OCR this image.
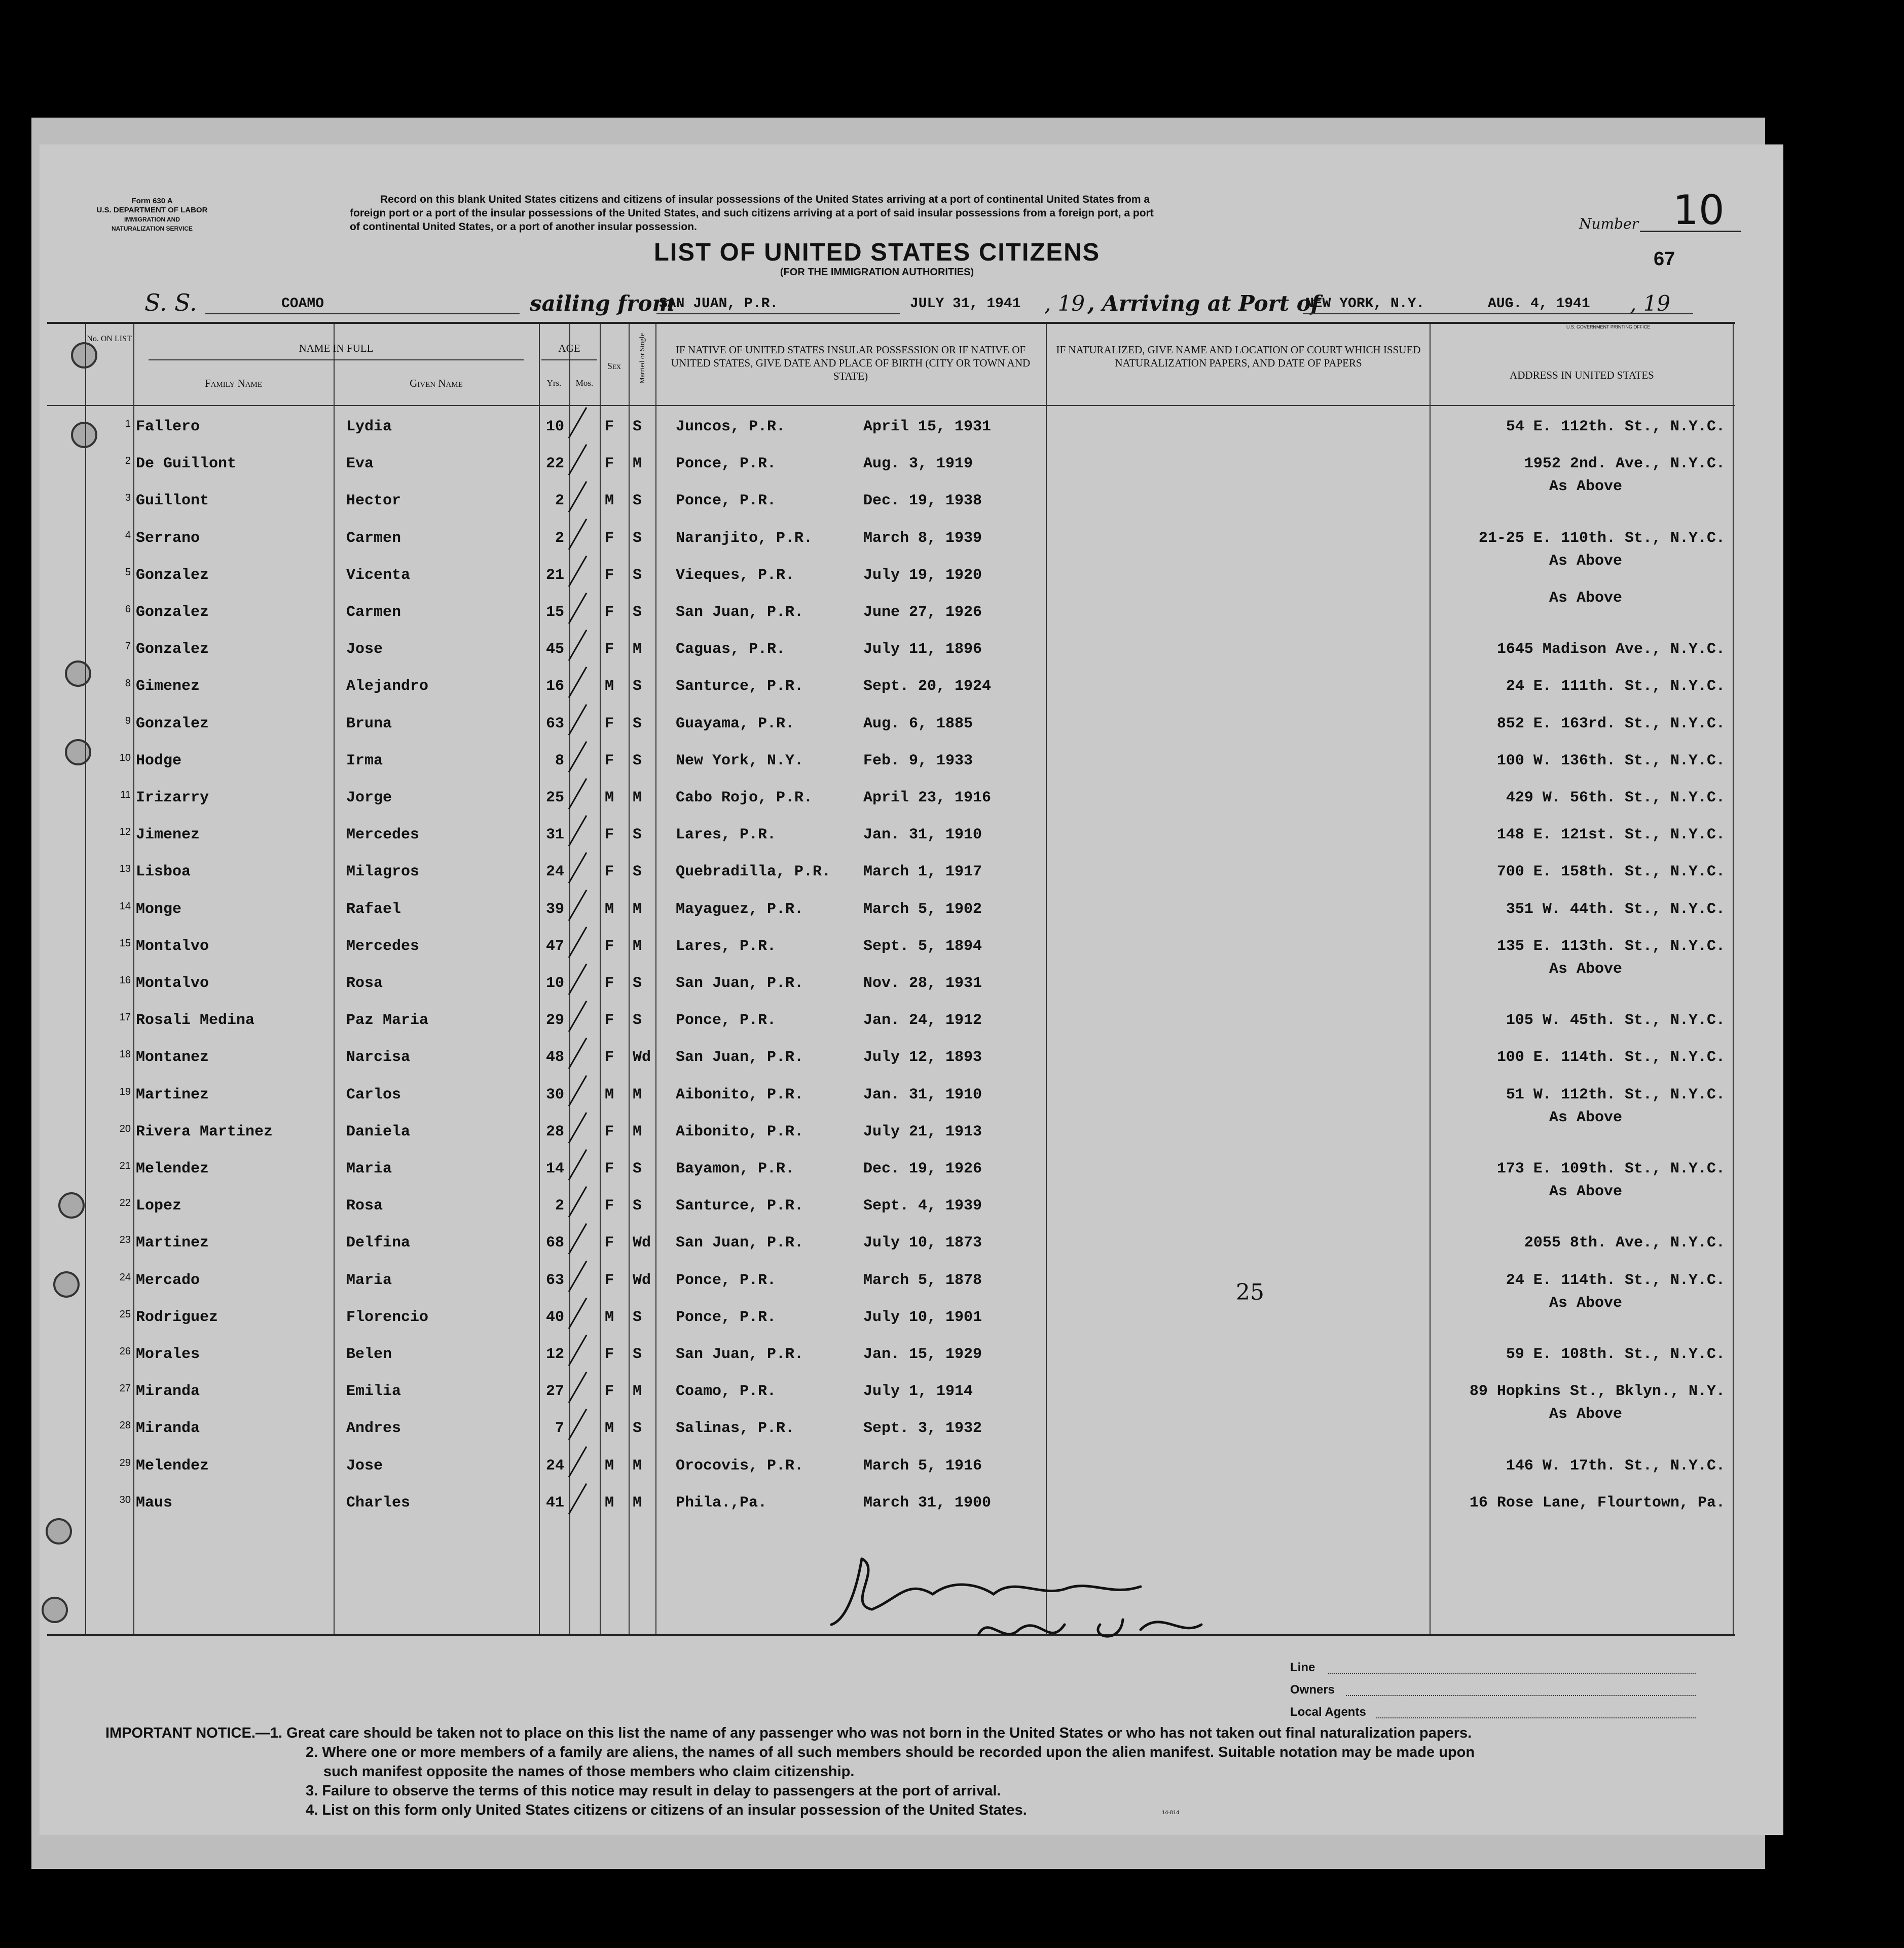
Form 630 A
U.S. DEPARTMENT OF LABOR
IMMIGRATION AND
NATURALIZATION SERVICE
Record on this blank United States citizens and citizens of insular possessions of the United States arriving at a port of continental United States from a
foreign port or a port of the insular possessions of the United States, and such citizens arriving at a port of said insular possessions from a foreign port, a port
of continental United States, or a port of another insular possession.
LIST OF UNITED STATES CITIZENS
(FOR THE IMMIGRATION AUTHORITIES)
Number 10
67
S. S.	COAMO	sailing from
SAN JUAN, P.R.	JULY 31, 1941 , 19 , Arriving at Port of
NEW YORK, N.Y.	AUG. 4, 1941 , 19
U.S. GOVERNMENT PRINTING OFFICE
No. ON LIST
NAME IN FULL
Family Name	Given Name
AGE
Yrs.	Mos.
Sex	Married or Single	IF NATIVE OF UNITED STATES INSULAR POSSESSION OR IF NATIVE OF UNITED STATES, GIVE DATE AND PLACE OF BIRTH (CITY OR TOWN AND STATE)
IF NATURALIZED, GIVE NAME AND LOCATION OF COURT WHICH ISSUED NATURALIZATION PAPERS, AND DATE OF PAPERS
ADDRESS IN UNITED STATES
1 Fallero	Lydia	10	F S Juncos, P.R.	April 15, 1931	54 E. 112th. St., N.Y.C.
2 De Guillont	Eva	22	F M Ponce, P.R.	Aug. 3, 1919	1952 2nd. Ave., N.Y.C.
3 Guillont	Hector	2	M S Ponce, P.R.	Dec. 19, 1938
As Above
4 Serrano	Carmen	2	F S Naranjito, P.R.	March 8, 1939	21-25 E. 110th. St., N.Y.C.
5 Gonzalez	Vicenta	21	F S Vieques, P.R.	July 19, 1920
As Above
6 Gonzalez	Carmen	15	F S San Juan, P.R.	June 27, 1926
As Above
7 Gonzalez	Jose	45	F M Caguas, P.R.	July 11, 1896	1645 Madison Ave., N.Y.C.
8 Gimenez	Alejandro	16	M S Santurce, P.R.	Sept. 20, 1924	24 E. 111th. St., N.Y.C.
9 Gonzalez	Bruna	63	F S Guayama, P.R.	Aug. 6, 1885	852 E. 163rd. St., N.Y.C.
10 Hodge	Irma	8	F S New York, N.Y.	Feb. 9, 1933	100 W. 136th. St., N.Y.C.
11 Irizarry	Jorge	25	M M Cabo Rojo, P.R.	April 23, 1916	429 W. 56th. St., N.Y.C.
12 Jimenez	Mercedes	31	F S Lares, P.R.	Jan. 31, 1910	148 E. 121st. St., N.Y.C.
13 Lisboa	Milagros	24	F S Quebradilla, P.R. March 1, 1917	700 E. 158th. St., N.Y.C.
14 Monge	Rafael	39	M M Mayaguez, P.R.	March 5, 1902	351 W. 44th. St., N.Y.C.
15 Montalvo	Mercedes	47	F M Lares, P.R.	Sept. 5, 1894	135 E. 113th. St., N.Y.C.
16 Montalvo	Rosa	10	F S San Juan, P.R.	Nov. 28, 1931
As Above
17 Rosali Medina	Paz Maria	29	F S Ponce, P.R.	Jan. 24, 1912	105 W. 45th. St., N.Y.C.
18 Montanez	Narcisa	48	F Wd San Juan, P.R.	July 12, 1893	100 E. 114th. St., N.Y.C.
19 Martinez	Carlos	30	M M Aibonito, P.R.	Jan. 31, 1910	51 W. 112th. St., N.Y.C.
20 Rivera Martinez	Daniela	28	F M Aibonito, P.R.	July 21, 1913
As Above
21 Melendez	Maria	14	F S Bayamon, P.R.	Dec. 19, 1926	173 E. 109th. St., N.Y.C.
22 Lopez	Rosa	2	F S Santurce, P.R.	Sept. 4, 1939
As Above
23 Martinez	Delfina	68	F Wd San Juan, P.R.	July 10, 1873	2055 8th. Ave., N.Y.C.
24 Mercado	Maria	63	F Wd Ponce, P.R.	March 5, 1878	24 E. 114th. St., N.Y.C.
25 Rodriguez	Florencio	40	M S Ponce, P.R.	July 10, 1901
As Above
26 Morales	Belen	12	F S San Juan, P.R.	Jan. 15, 1929	59 E. 108th. St., N.Y.C.
27 Miranda	Emilia	27	F M Coamo, P.R.	July 1, 1914	89 Hopkins St., Bklyn., N.Y.
28 Miranda	Andres	7	M S Salinas, P.R.	Sept. 3, 1932
As Above
29 Melendez	Jose	24	M M Orocovis, P.R.	March 5, 1916	146 W. 17th. St., N.Y.C.
30 Maus	Charles	41	M M Phila.,Pa.	March 31, 1900	16 Rose Lane, Flourtown, Pa.
25
Line
Owners
Local Agents
IMPORTANT NOTICE.—1. Great care should be taken not to place on this list the name of any passenger who was not born in the United States or who has not taken out final naturalization papers.
2. Where one or more members of a family are aliens, the names of all such members should be recorded upon the alien manifest. Suitable notation may be made upon
such manifest opposite the names of those members who claim citizenship.
3. Failure to observe the terms of this notice may result in delay to passengers at the port of arrival.
4. List on this form only United States citizens or citizens of an insular possession of the United States.	14-814
